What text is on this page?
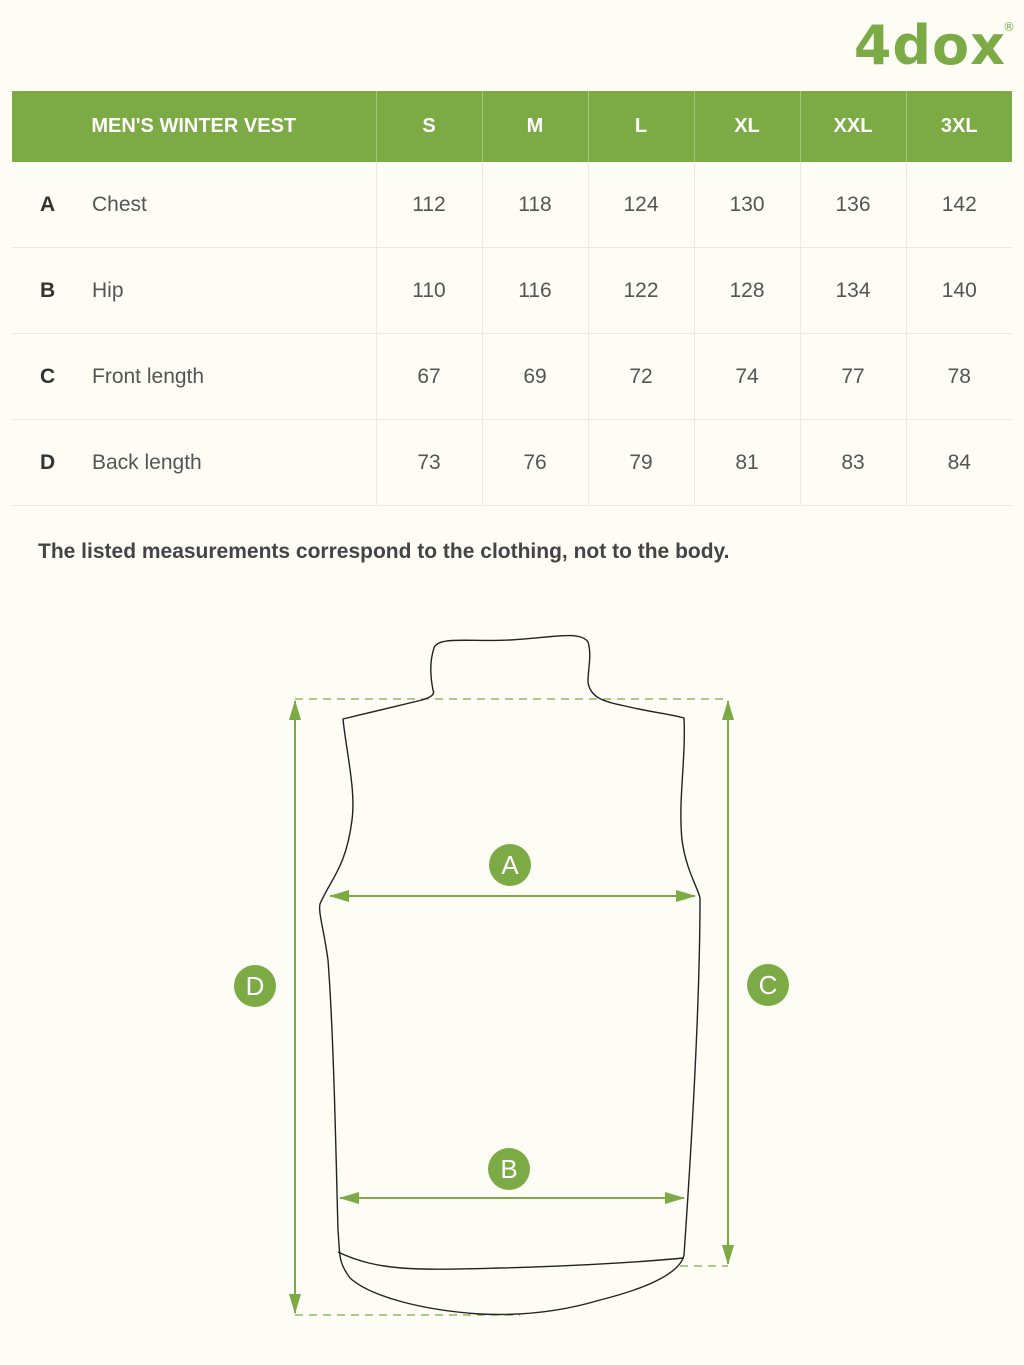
4dox
®
MEN'S WINTER VEST	S	M	L	XL	XXL	3XL
A Chest	112	118	124	130	136	142
B Hip	110	116	122	128	134	140
C Front length	67	69	72	74	77	78
D Back length	73	76	79	81	83	84
The listed measurements correspond to the clothing, not to the body.
A
B
D	C
